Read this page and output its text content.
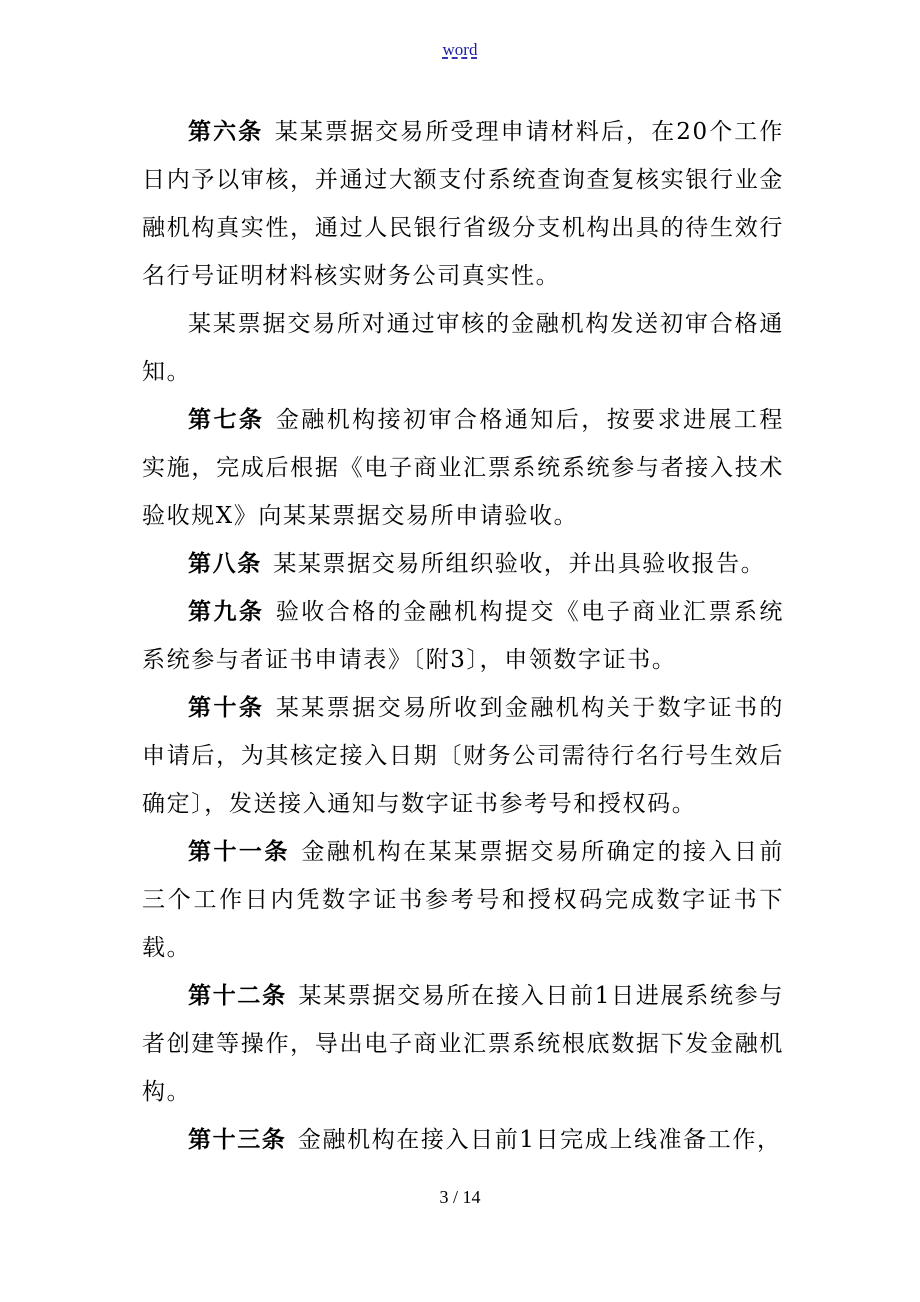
word

第六条 某某票据交易所受理申请材料后，在20个工作日内予以审核，并通过大额支付系统查询查复核实银行业金融机构真实性，通过人民银行省级分支机构出具的待生效行名行号证明材料核实财务公司真实性。

某某票据交易所对通过审核的金融机构发送初审合格通知。

第七条 金融机构接初审合格通知后，按要求进展工程实施，完成后根据《电子商业汇票系统系统参与者接入技术验收规X》向某某票据交易所申请验收。

第八条 某某票据交易所组织验收，并出具验收报告。

第九条 验收合格的金融机构提交《电子商业汇票系统系统参与者证书申请表》〔附3〕，申领数字证书。

第十条 某某票据交易所收到金融机构关于数字证书的申请后，为其核定接入日期〔财务公司需待行名行号生效后确定〕，发送接入通知与数字证书参考号和授权码。

第十一条 金融机构在某某票据交易所确定的接入日前三个工作日内凭数字证书参考号和授权码完成数字证书下载。

第十二条 某某票据交易所在接入日前1日进展系统参与者创建等操作，导出电子商业汇票系统根底数据下发金融机构。

第十三条 金融机构在接入日前1日完成上线准备工作，

3 / 14
